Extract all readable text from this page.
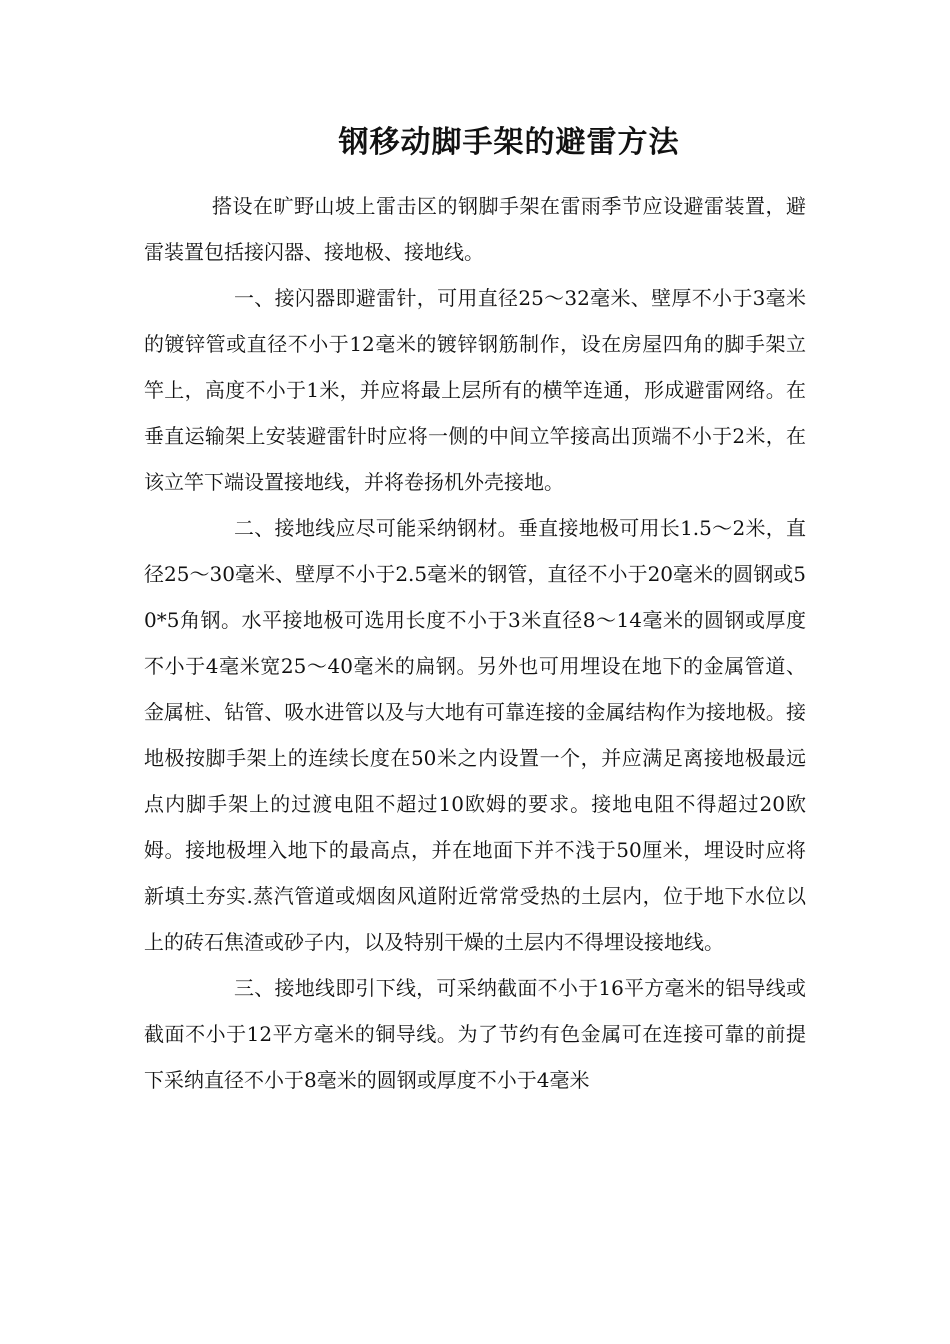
钢移动脚手架的避雷方法

搭设在旷野山坡上雷击区的钢脚手架在雷雨季节应设避雷装置，避雷装置包括接闪器、接地极、接地线。

一、接闪器即避雷针，可用直径25～32毫米、壁厚不小于3毫米的镀锌管或直径不小于12毫米的镀锌钢筋制作，设在房屋四角的脚手架立竿上，高度不小于1米，并应将最上层所有的横竿连通，形成避雷网络。在垂直运输架上安装避雷针时应将一侧的中间立竿接高出顶端不小于2米，在该立竿下端设置接地线，并将卷扬机外壳接地。

二、接地线应尽可能采纳钢材。垂直接地极可用长1.5～2米，直径25～30毫米、壁厚不小于2.5毫米的钢管，直径不小于20毫米的圆钢或50*5角钢。水平接地极可选用长度不小于3米直径8～14毫米的圆钢或厚度不小于4毫米宽25～40毫米的扁钢。另外也可用埋设在地下的金属管道、金属桩、钻管、吸水进管以及与大地有可靠连接的金属结构作为接地极。接地极按脚手架上的连续长度在50米之内设置一个，并应满足离接地极最远点内脚手架上的过渡电阻不超过10欧姆的要求。接地电阻不得超过20欧姆。接地极埋入地下的最高点，并在地面下并不浅于50厘米，埋设时应将新填土夯实.蒸汽管道或烟囱风道附近常常受热的土层内，位于地下水位以上的砖石焦渣或砂子内，以及特别干燥的土层内不得埋设接地线。

三、接地线即引下线，可采纳截面不小于16平方毫米的铝导线或截面不小于12平方毫米的铜导线。为了节约有色金属可在连接可靠的前提下采纳直径不小于8毫米的圆钢或厚度不小于4毫米
